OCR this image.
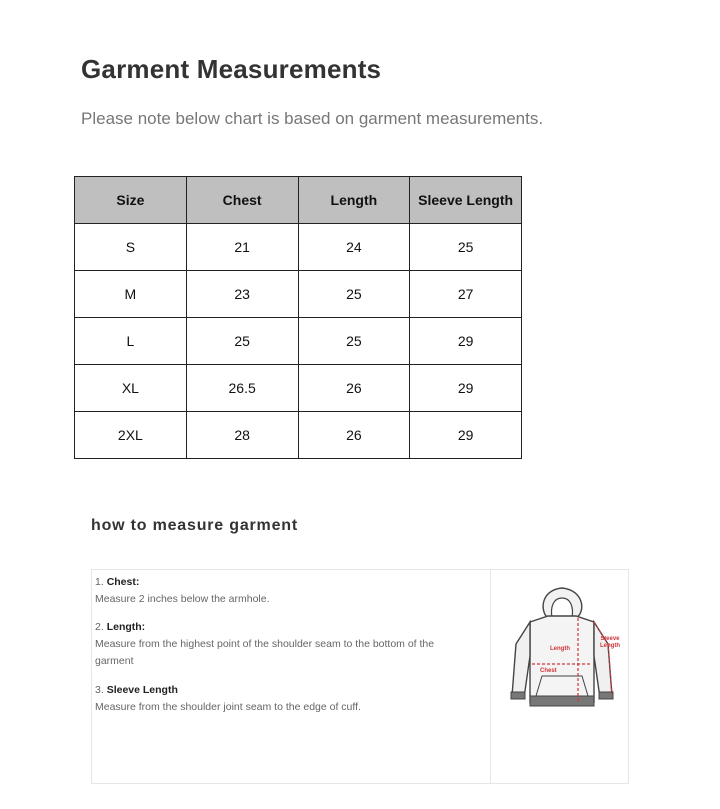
Garment Measurements
Please note below chart is based on garment measurements.
Size	Chest	Length	Sleeve Length
S	21	24	25
M	23	25	27
L	25	25	29
XL	26.5	26	29
2XL	28	26	29
how to measure garment
1. Chest:
Measure 2 inches below the armhole.
2. Length:
Measure from the highest point of the shoulder seam to the bottom of the garment
3. Sleeve Length
Measure from the shoulder joint seam to the edge of cuff.
Length
Chest
Sleeve Length
